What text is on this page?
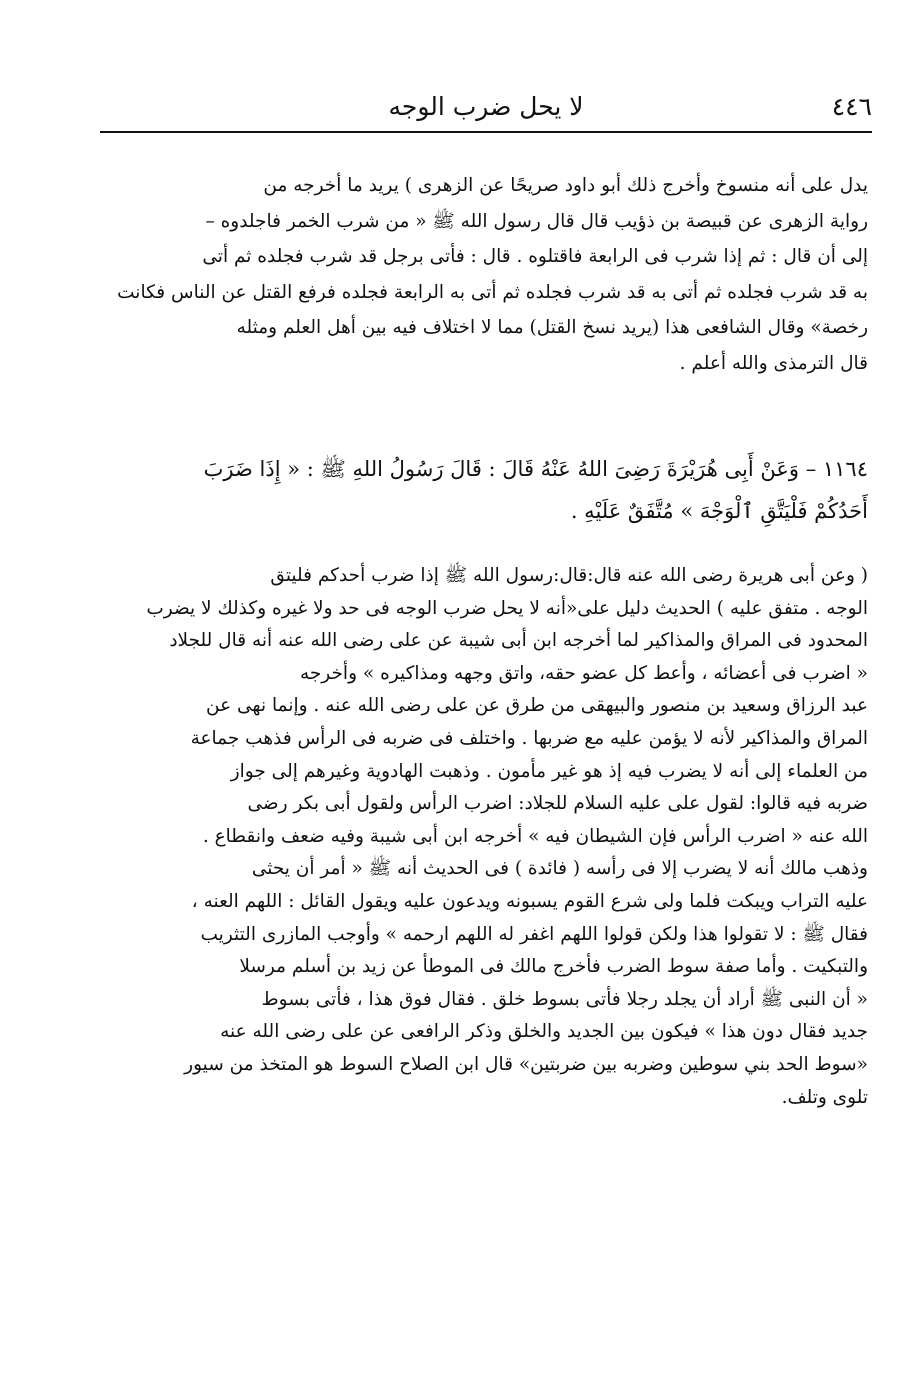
٤٤٦
لا يحل ضرب الوجه
يدل على أنه منسوخ وأخرج ذلك أبو داود صريحًا عن الزهرى ) يريد ما أخرجه من
رواية الزهرى عن قبيصة بن ذؤيب قال قال رسول الله ﷺ « من شرب الخمر فاجلدوه –
إلى أن قال : ثم إذا شرب فى الرابعة فاقتلوه . قال : فأتى برجل قد شرب فجلده ثم أتى
به قد شرب فجلده ثم أتى به قد شرب فجلده ثم أتى به الرابعة فجلده فرفع القتل عن الناس فكانت
رخصة» وقال الشافعى هذا (يريد نسخ القتل) مما لا اختلاف فيه بين أهل العلم ومثله
قال الترمذى والله أعلم .
١١٦٤ – وَعَنْ أَبِى هُرَيْرَةَ رَضِىَ اللهُ عَنْهُ قَالَ : قَالَ رَسُولُ اللهِ ﷺ : « إِذَا ضَرَبَ
أَحَدُكُمْ فَلْيَتَّقِ ٱلْوَجْهَ » مُتَّفَقٌ عَلَيْهِ .
( وعن أبى هريرة رضى الله عنه قال:قال:رسول الله ﷺ إذا ضرب أحدكم فليتق
الوجه . متفق عليه ) الحديث دليل على«أنه لا يحل ضرب الوجه فى حد ولا غيره وكذلك لا يضرب
المحدود فى المراق والمذاكير لما أخرجه ابن أبى شيبة عن على رضى الله عنه أنه قال للجلاد
« اضرب فى أعضائه ، وأعط كل عضو حقه، واتق وجهه ومذاكيره » وأخرجه
عبد الرزاق وسعيد بن منصور والبيهقى من طرق عن على رضى الله عنه . وإنما نهى عن
المراق والمذاكير لأنه لا يؤمن عليه مع ضربها . واختلف فى ضربه فى الرأس فذهب جماعة
من العلماء إلى أنه لا يضرب فيه إذ هو غير مأمون . وذهبت الهادوية وغيرهم إلى جواز
ضربه فيه قالوا: لقول على عليه السلام للجلاد: اضرب الرأس ولقول أبى بكر رضى
الله عنه « اضرب الرأس فإن الشيطان فيه » أخرجه ابن أبى شيبة وفيه ضعف وانقطاع .
وذهب مالك أنه لا يضرب إلا فى رأسه ( فائدة ) فى الحديث أنه ﷺ « أمر أن يحثى
عليه التراب ويبكت فلما ولى شرع القوم يسبونه ويدعون عليه ويقول القائل : اللهم العنه ،
فقال ﷺ : لا تقولوا هذا ولكن قولوا اللهم اغفر له اللهم ارحمه » وأوجب المازرى التثريب
والتبكيت . وأما صفة سوط الضرب فأخرج مالك فى الموطأ عن زيد بن أسلم مرسلا
« أن النبى ﷺ أراد أن يجلد رجلا فأتى بسوط خلق . فقال فوق هذا ، فأتى بسوط
جديد فقال دون هذا » فيكون بين الجديد والخلق وذكر الرافعى عن على رضى الله عنه
«سوط الحد بني سوطين وضربه بين ضربتين» قال ابن الصلاح السوط هو المتخذ من سيور
تلوى وتلف.
